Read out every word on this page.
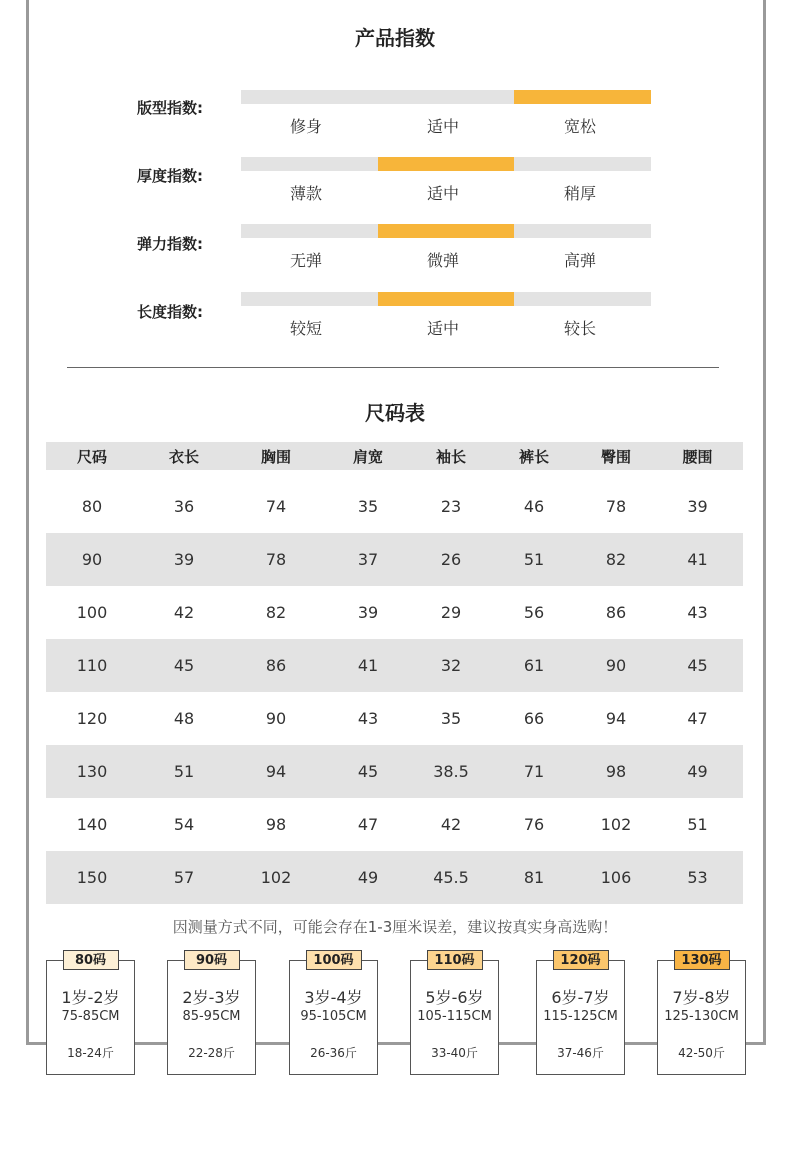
产品指数
版型指数:
修身	适中	宽松
厚度指数:
薄款	适中	稍厚
弹力指数:
无弹	微弹	高弹
长度指数:
较短	适中	较长
尺码表
尺码	衣长	胸围	肩宽	袖长	裤长	臀围	腰围

80	36	74	35	23	46	78	39
90	39	78	37	26	51	82	41
100	42	82	39	29	56	86	43
110	45	86	41	32	61	90	45
120	48	90	43	35	66	94	47
130	51	94	45	38.5	71	98	49
140	54	98	47	42	76	102	51
150	57	102	49	45.5	81	106	53
因测量方式不同，可能会存在1-3厘米误差，建议按真实身高选购！
80码
1岁-2岁
75-85CM
18-24斤
90码
2岁-3岁
85-95CM
22-28斤
100码
3岁-4岁
95-105CM
26-36斤
110码
5岁-6岁
105-115CM
33-40斤
120码
6岁-7岁
115-125CM
37-46斤
130码
7岁-8岁
125-130CM
42-50斤
